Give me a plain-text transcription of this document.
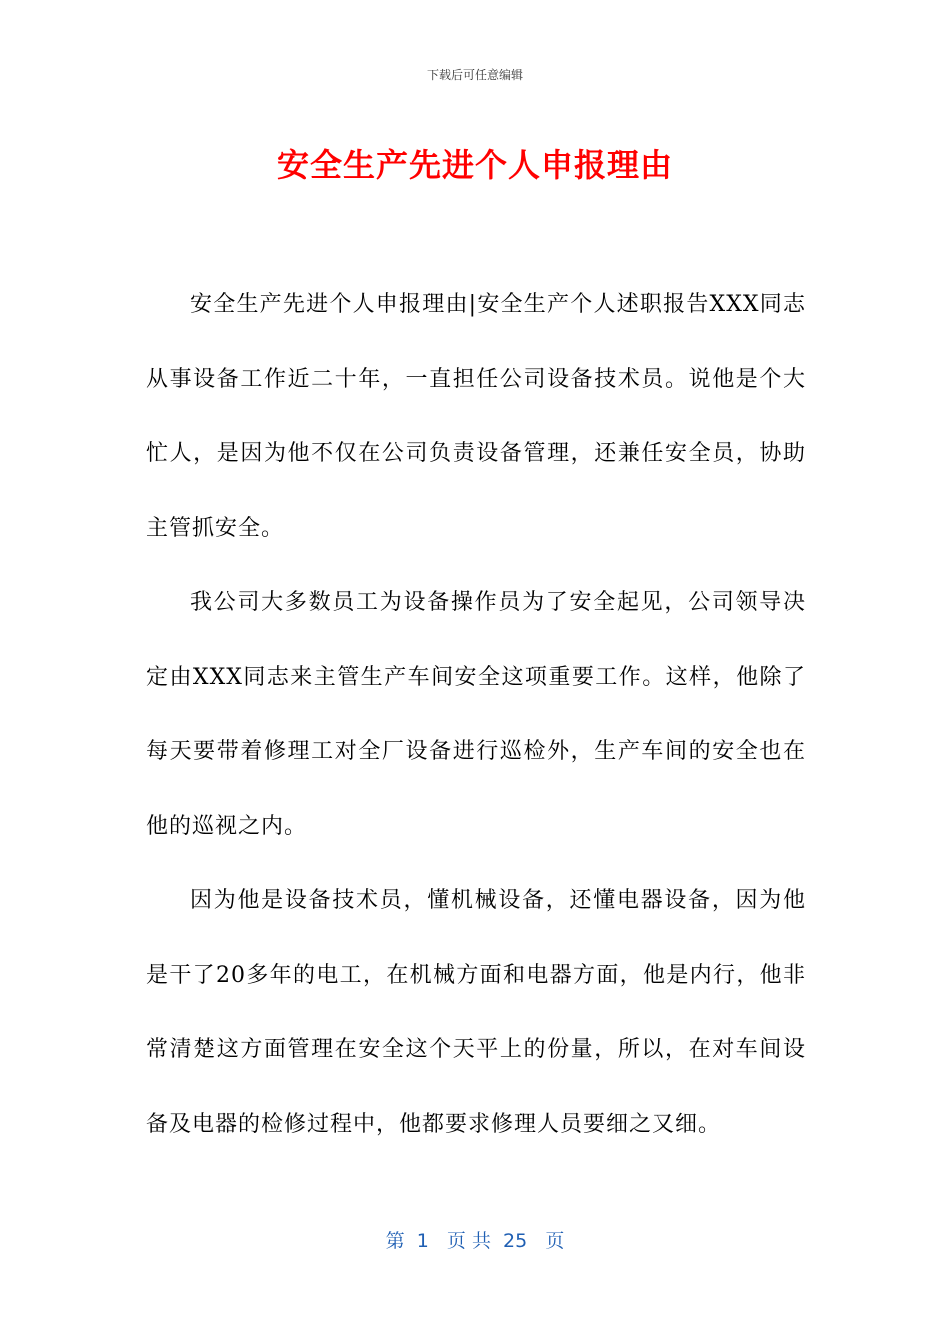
下载后可任意编辑
安全生产先进个人申报理由

安全生产先进个人申报理由|安全生产个人述职报告XXX同志从事设备工作近二十年，一直担任公司设备技术员。说他是个大忙人，是因为他不仅在公司负责设备管理，还兼任安全员，协助主管抓安全。

我公司大多数员工为设备操作员为了安全起见，公司领导决定由XXX同志来主管生产车间安全这项重要工作。这样，他除了每天要带着修理工对全厂设备进行巡检外，生产车间的安全也在他的巡视之内。

因为他是设备技术员，懂机械设备，还懂电器设备，因为他是干了20多年的电工，在机械方面和电器方面，他是内行，他非常清楚这方面管理在安全这个天平上的份量，所以，在对车间设备及电器的检修过程中，他都要求修理人员要细之又细。

第  1   页 共  25   页
